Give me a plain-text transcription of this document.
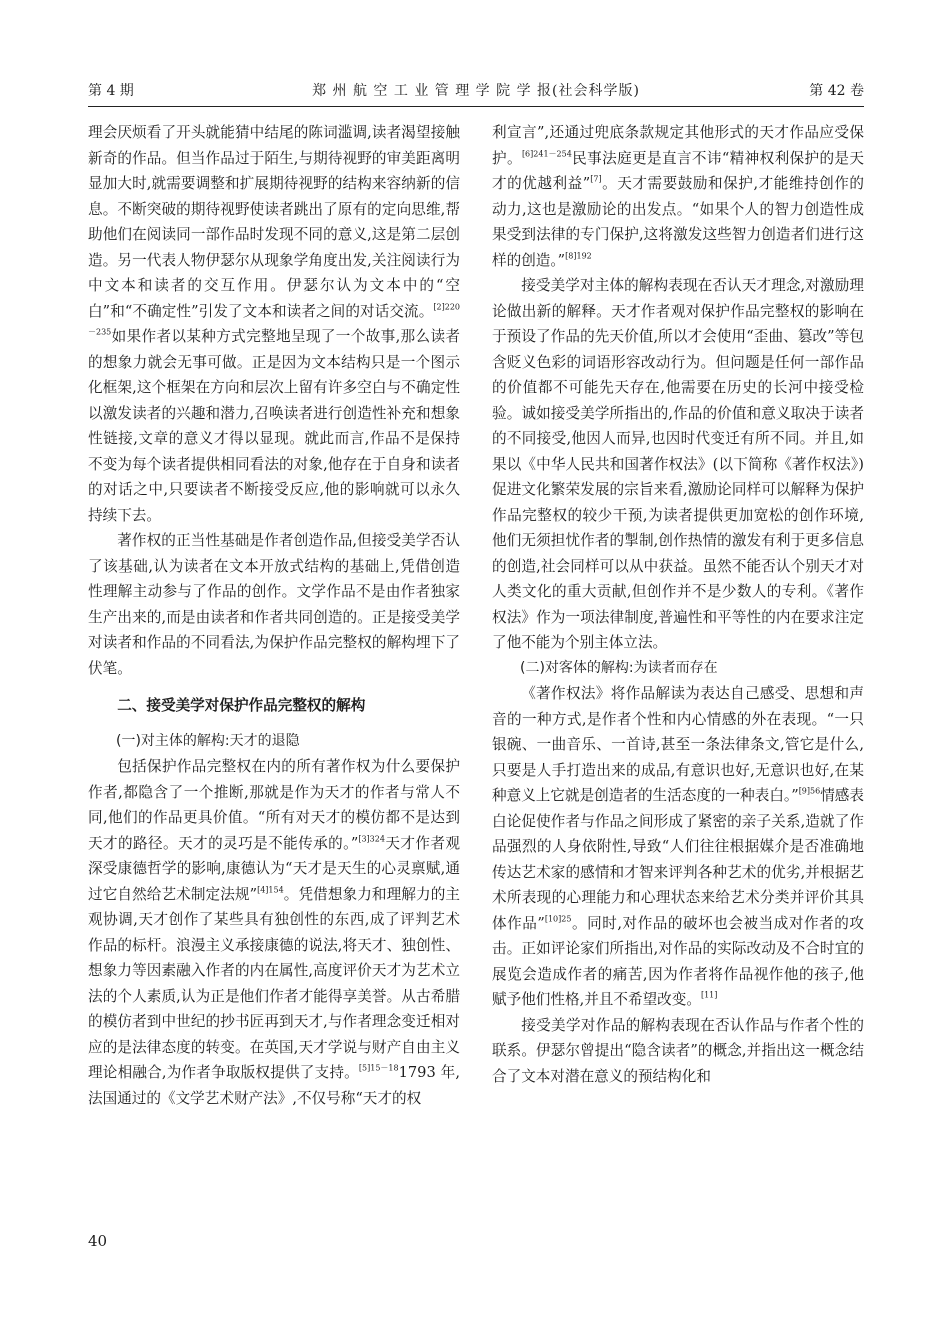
第 4 期	郑 州 航 空 工 业 管 理 学 院 学 报(社会科学版)	第 42 卷

理会厌烦看了开头就能猜中结尾的陈词滥调,读者渴望接触新奇的作品。但当作品过于陌生,与期待视野的审美距离明显加大时,就需要调整和扩展期待视野的结构来容纳新的信息。不断突破的期待视野使读者跳出了原有的定向思维,帮助他们在阅读同一部作品时发现不同的意义,这是第二层创造。另一代表人物伊瑟尔从现象学角度出发,关注阅读行为中文本和读者的交互作用。伊瑟尔认为文本中的“空白”和“不确定性”引发了文本和读者之间的对话交流。$^{[2]220-235}$如果作者以某种方式完整地呈现了一个故事,那么读者的想象力就会无事可做。正是因为文本结构只是一个图示化框架,这个框架在方向和层次上留有许多空白与不确定性以激发读者的兴趣和潜力,召唤读者进行创造性补充和想象性链接,文章的意义才得以显现。就此而言,作品不是保持不变为每个读者提供相同看法的对象,他存在于自身和读者的对话之中,只要读者不断接受反应,他的影响就可以永久持续下去。

著作权的正当性基础是作者创造作品,但接受美学否认了该基础,认为读者在文本开放式结构的基础上,凭借创造性理解主动参与了作品的创作。文学作品不是由作者独家生产出来的,而是由读者和作者共同创造的。正是接受美学对读者和作品的不同看法,为保护作品完整权的解构埋下了伏笔。

二、接受美学对保护作品完整权的解构
(一)对主体的解构:天才的退隐

包括保护作品完整权在内的所有著作权为什么要保护作者,都隐含了一个推断,那就是作为天才的作者与常人不同,他们的作品更具价值。“所有对天才的模仿都不是达到天才的路径。天才的灵巧是不能传承的。”$^{[3]324}$天才作者观深受康德哲学的影响,康德认为“天才是天生的心灵禀赋,通过它自然给艺术制定法规”$^{[4]154}$。凭借想象力和理解力的主观协调,天才创作了某些具有独创性的东西,成了评判艺术作品的标杆。浪漫主义承接康德的说法,将天才、独创性、想象力等因素融入作者的内在属性,高度评价天才为艺术立法的个人素质,认为正是他们作者才能得享美誉。从古希腊的模仿者到中世纪的抄书匠再到天才,与作者理念变迁相对应的是法律态度的转变。在英国,天才学说与财产自由主义理论相融合,为作者争取版权提供了支持。$^{[5]15-18}$1793 年,法国通过的《文学艺术财产法》,不仅号称“天才的权

利宣言”,还通过兜底条款规定其他形式的天才作品应受保护。$^{[6]241-254}$民事法庭更是直言不讳“精神权利保护的是天才的优越利益”[7]。天才需要鼓励和保护,才能维持创作的动力,这也是激励论的出发点。“如果个人的智力创造性成果受到法律的专门保护,这将激发这些智力创造者们进行这样的创造。”$^{[8]192}$

接受美学对主体的解构表现在否认天才理念,对激励理论做出新的解释。天才作者观对保护作品完整权的影响在于预设了作品的先天价值,所以才会使用“歪曲、篡改”等包含贬义色彩的词语形容改动行为。但问题是任何一部作品的价值都不可能先天存在,他需要在历史的长河中接受检验。诚如接受美学所指出的,作品的价值和意义取决于读者的不同接受,他因人而异,也因时代变迁有所不同。并且,如果以《中华人民共和国著作权法》(以下简称《著作权法》)促进文化繁荣发展的宗旨来看,激励论同样可以解释为保护作品完整权的较少干预,为读者提供更加宽松的创作环境,他们无须担忧作者的掣制,创作热情的激发有利于更多信息的创造,社会同样可以从中获益。虽然不能否认个别天才对人类文化的重大贡献,但创作并不是少数人的专利。《著作权法》作为一项法律制度,普遍性和平等性的内在要求注定了他不能为个别主体立法。

(二)对客体的解构:为读者而存在

《著作权法》将作品解读为表达自己感受、思想和声音的一种方式,是作者个性和内心情感的外在表现。“一只银碗、一曲音乐、一首诗,甚至一条法律条文,管它是什么,只要是人手打造出来的成品,有意识也好,无意识也好,在某种意义上它就是创造者的生活态度的一种表白。”$^{[9]56}$情感表白论促使作者与作品之间形成了紧密的亲子关系,造就了作品强烈的人身依附性,导致“人们往往根据媒介是否准确地传达艺术家的感情和才智来评判各种艺术的优劣,并根据艺术所表现的心理能力和心理状态来给艺术分类并评价其具体作品”$^{[10]25}$。同时,对作品的破坏也会被当成对作者的攻击。正如评论家们所指出,对作品的实际改动及不合时宜的展览会造成作者的痛苦,因为作者将作品视作他的孩子,他赋予他们性格,并且不希望改变。[11]

接受美学对作品的解构表现在否认作品与作者个性的联系。伊瑟尔曾提出“隐含读者”的概念,并指出这一概念结合了文本对潜在意义的预结构化和

40
